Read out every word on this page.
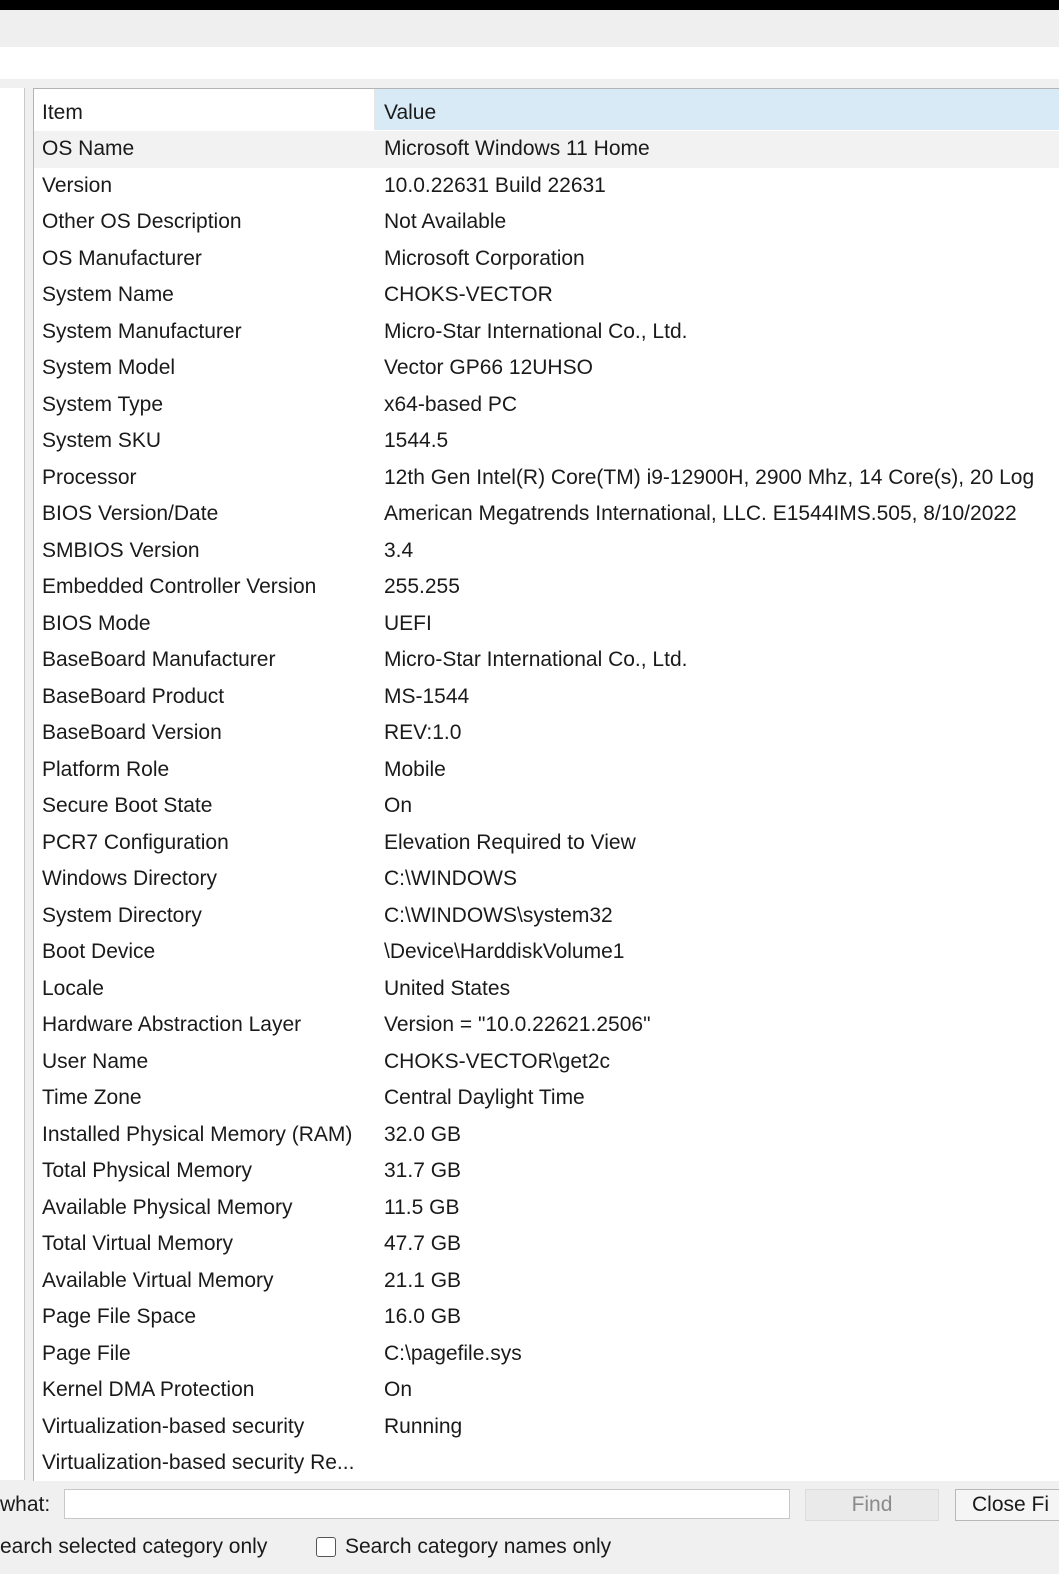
Item	Value
OS Name	Microsoft Windows 11 Home
Version	10.0.22631 Build 22631
Other OS Description	Not Available
OS Manufacturer	Microsoft Corporation
System Name	CHOKS-VECTOR
System Manufacturer	Micro-Star International Co., Ltd.
System Model	Vector GP66 12UHSO
System Type	x64-based PC
System SKU	1544.5
Processor	12th Gen Intel(R) Core(TM) i9-12900H, 2900 Mhz, 14 Core(s), 20 Log
BIOS Version/Date	American Megatrends International, LLC. E1544IMS.505, 8/10/2022
SMBIOS Version	3.4
Embedded Controller Version	255.255
BIOS Mode	UEFI
BaseBoard Manufacturer	Micro-Star International Co., Ltd.
BaseBoard Product	MS-1544
BaseBoard Version	REV:1.0
Platform Role	Mobile
Secure Boot State	On
PCR7 Configuration	Elevation Required to View
Windows Directory	C:\WINDOWS
System Directory	C:\WINDOWS\system32
Boot Device	\Device\HarddiskVolume1
Locale	United States
Hardware Abstraction Layer	Version = "10.0.22621.2506"
User Name	CHOKS-VECTOR\get2c
Time Zone	Central Daylight Time
Installed Physical Memory (RAM)	32.0 GB
Total Physical Memory	31.7 GB
Available Physical Memory	11.5 GB
Total Virtual Memory	47.7 GB
Available Virtual Memory	21.1 GB
Page File Space	16.0 GB
Page File	C:\pagefile.sys
Kernel DMA Protection	On
Virtualization-based security	Running
Virtualization-based security Re...
what:	Find	Close Fi
earch selected category only	Search category names only
